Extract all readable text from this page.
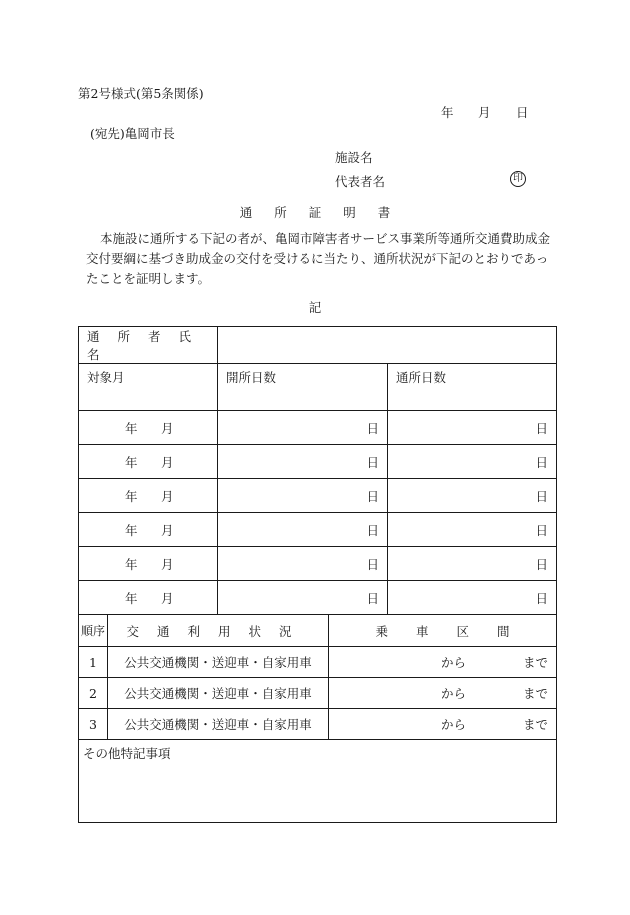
第2号様式(第5条関係)
年 月 日
(宛先)亀岡市長
施設名
代表者名	印
通所証明書
本施設に通所する下記の者が、亀岡市障害者サービス事業所等通所交通費助成金交付要綱に基づき助成金の交付を受けるに当たり、通所状況が下記のとおりであったことを証明します。
記
通所者氏名				
対象月		開所日数		通所日数
年 月		日		日
年 月		日		日
年 月		日		日
年 月		日		日
年 月		日		日
年 月		日		日
順序	交通利用状況		乗車区間	
1	公共交通機関・送迎車・自家用車		から まで	

2	公共交通機関・送迎車・自家用車		から まで	

3	公共交通機関・送迎車・自家用車		から まで	

その他特記事項				
